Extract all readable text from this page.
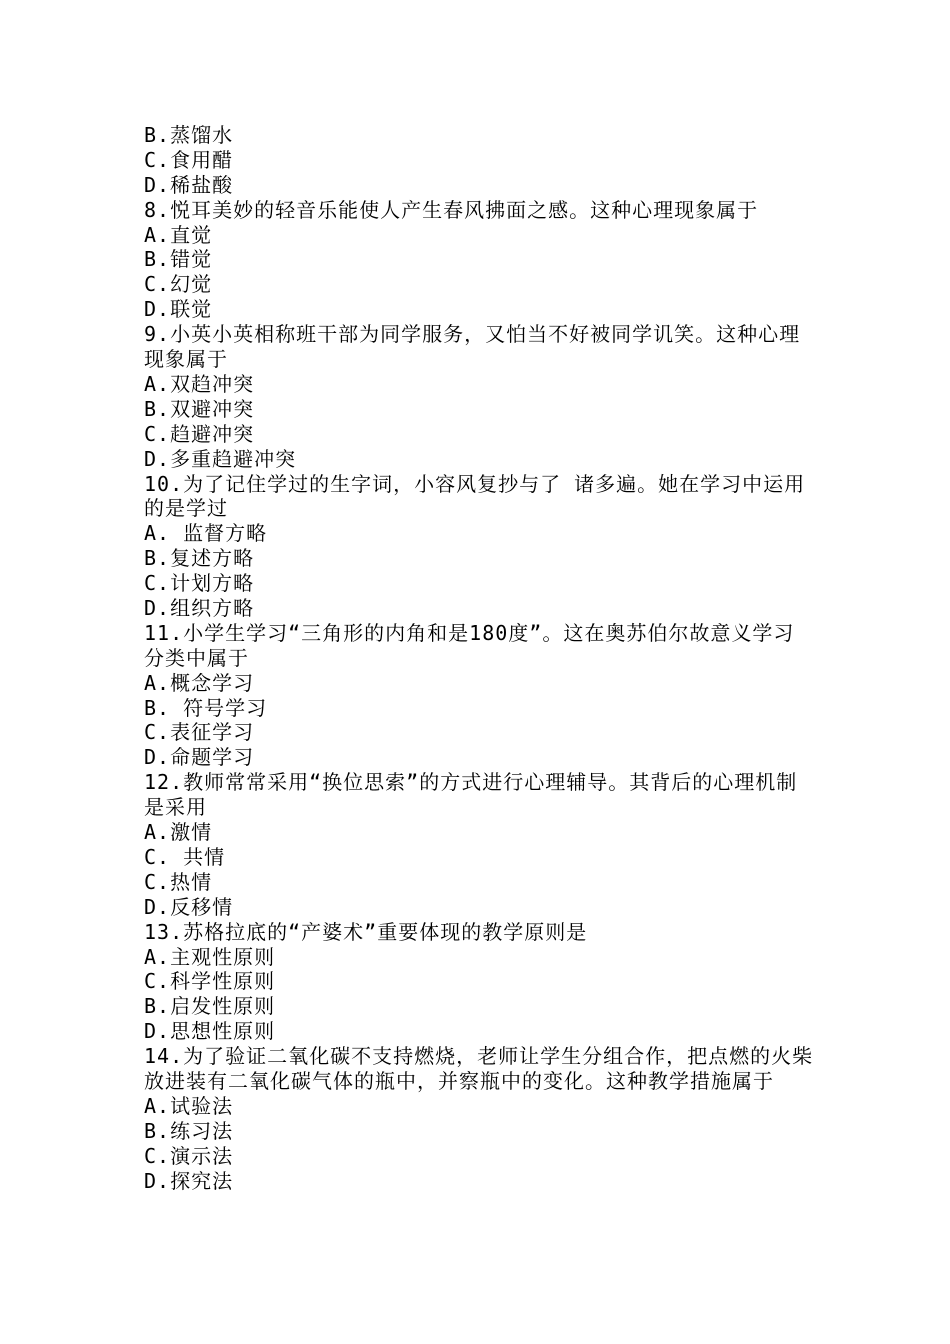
B.蒸馏水
C.食用醋
D.稀盐酸
8.悦耳美妙的轻音乐能使人产生春风拂面之感。这种心理现象属于
A.直觉
B.错觉
C.幻觉
D.联觉
9.小英小英相称班干部为同学服务，又怕当不好被同学讥笑。这种心理现象属于
A.双趋冲突
B.双避冲突
C.趋避冲突
D.多重趋避冲突
10.为了记住学过的生字词，小容风复抄与了 诸多遍。她在学习中运用的是学过
A. 监督方略
B.复述方略
C.计划方略
D.组织方略
11.小学生学习“三角形的内角和是180度”。这在奥苏伯尔故意义学习分类中属于
A.概念学习
B. 符号学习
C.表征学习
D.命题学习
12.教师常常采用“换位思索”的方式进行心理辅导。其背后的心理机制是采用
A.激情
C. 共情
C.热情
D.反移情
13.苏格拉底的“产婆术”重要体现的教学原则是
A.主观性原则
C.科学性原则
B.启发性原则
D.思想性原则
14.为了验证二氧化碳不支持燃烧，老师让学生分组合作，把点燃的火柴放进装有二氧化碳气体的瓶中，并察瓶中的变化。这种教学措施属于
A.试验法
B.练习法
C.演示法
D.探究法
